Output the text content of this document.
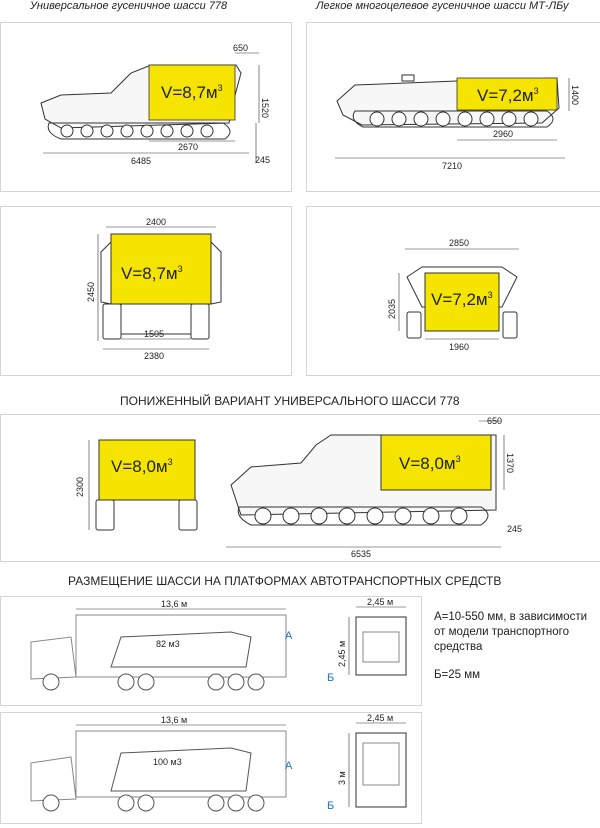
Универсальное гусеничное шасси 778	Легкое многоцелевое гусеничное шасси МТ-ЛБу
$V=8,7м^3$
650
1520
2670
6485	245
$V=7,2м^3$	1400
2960
7210
$V=8,7м^3$
2400
2450
1505
2380
$V=7,2м^3$
2850
2035
1960
ПОНИЖЕННЫЙ ВАРИАНТ УНИВЕРСАЛЬНОГО ШАССИ 778
$V=8,0м^3$
2300
$V=8,0м^3$
650
1370
245
6535
РАЗМЕЩЕНИЕ ШАССИ НА ПЛАТФОРМАХ АВТОТРАНСПОРТНЫХ СРЕДСТВ
82 м3
13,6 м
А
Б
2,45 м
2,45 м
100 м3
13,6 м
А
Б
2,45 м
3 м
А=10-550 мм, в зависимости от модели транспортного средства
Б=25 мм
